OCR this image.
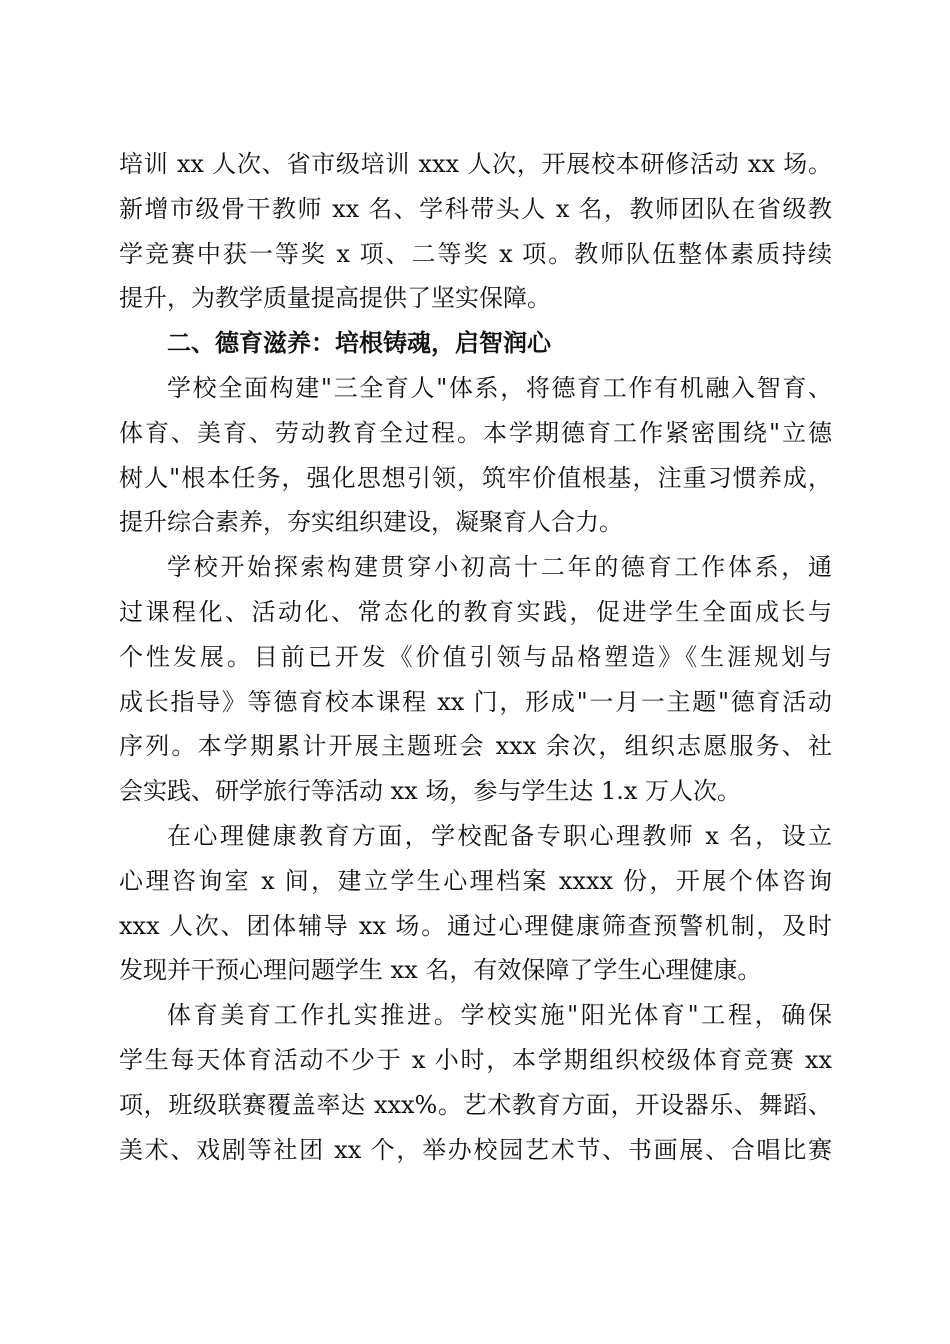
培训 xx 人次、省市级培训 xxx 人次，开展校本研修活动 xx 场。
新增市级骨干教师 xx 名、学科带头人 x 名，教师团队在省级教
学竞赛中获一等奖 x 项、二等奖 x 项。教师队伍整体素质持续
提升，为教学质量提高提供了坚实保障。
二、德育滋养：培根铸魂，启智润心
学校全面构建"三全育人"体系，将德育工作有机融入智育、
体育、美育、劳动教育全过程。本学期德育工作紧密围绕"立德
树人"根本任务，强化思想引领，筑牢价值根基，注重习惯养成，
提升综合素养，夯实组织建设，凝聚育人合力。
学校开始探索构建贯穿小初高十二年的德育工作体系，通
过课程化、活动化、常态化的教育实践，促进学生全面成长与
个性发展。目前已开发《价值引领与品格塑造》《生涯规划与
成长指导》等德育校本课程 xx 门，形成"一月一主题"德育活动
序列。本学期累计开展主题班会 xxx 余次，组织志愿服务、社
会实践、研学旅行等活动 xx 场，参与学生达 1.x 万人次。
在心理健康教育方面，学校配备专职心理教师 x 名，设立
心理咨询室 x 间，建立学生心理档案 xxxx 份，开展个体咨询
xxx 人次、团体辅导 xx 场。通过心理健康筛查预警机制，及时
发现并干预心理问题学生 xx 名，有效保障了学生心理健康。
体育美育工作扎实推进。学校实施"阳光体育"工程，确保
学生每天体育活动不少于 x 小时，本学期组织校级体育竞赛 xx
项，班级联赛覆盖率达 xxx%。艺术教育方面，开设器乐、舞蹈、
美术、戏剧等社团 xx 个，举办校园艺术节、书画展、合唱比赛
